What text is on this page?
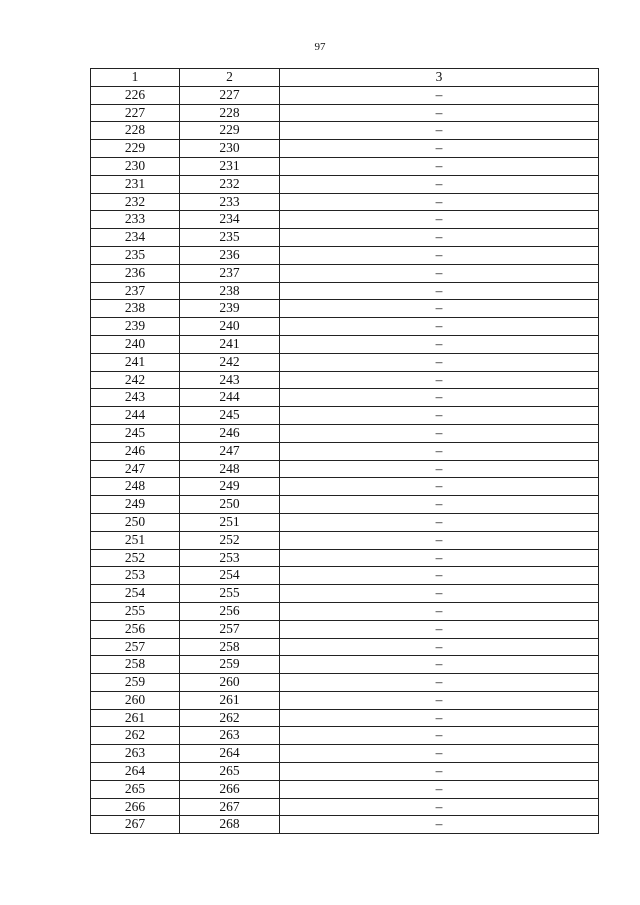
97
1	2	3
226	227	–
227	228	–
228	229	–
229	230	–
230	231	–
231	232	–
232	233	–
233	234	–
234	235	–
235	236	–
236	237	–
237	238	–
238	239	–
239	240	–
240	241	–
241	242	–
242	243	–
243	244	–
244	245	–
245	246	–
246	247	–
247	248	–
248	249	–
249	250	–
250	251	–
251	252	–
252	253	–
253	254	–
254	255	–
255	256	–
256	257	–
257	258	–
258	259	–
259	260	–
260	261	–
261	262	–
262	263	–
263	264	–
264	265	–
265	266	–
266	267	–
267	268	–
